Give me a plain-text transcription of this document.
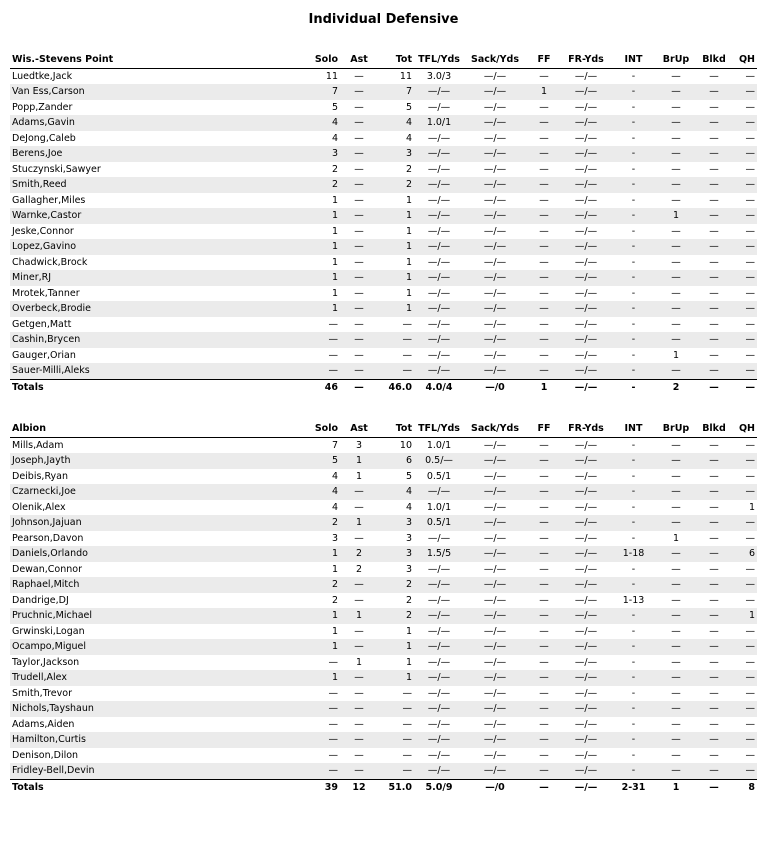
Individual Defensive
Wis.-Stevens Point	Solo	Ast	Tot	TFL/Yds	Sack/Yds	FF	FR-Yds	INT	BrUp	Blkd	QH
Luedtke,Jack	11	—	11	3.0/3	—/—	—	—/—	-	—	—	—
Van Ess,Carson	7	—	7	—/—	—/—	1	—/—	-	—	—	—
Popp,Zander	5	—	5	—/—	—/—	—	—/—	-	—	—	—
Adams,Gavin	4	—	4	1.0/1	—/—	—	—/—	-	—	—	—
DeJong,Caleb	4	—	4	—/—	—/—	—	—/—	-	—	—	—
Berens,Joe	3	—	3	—/—	—/—	—	—/—	-	—	—	—
Stuczynski,Sawyer	2	—	2	—/—	—/—	—	—/—	-	—	—	—
Smith,Reed	2	—	2	—/—	—/—	—	—/—	-	—	—	—
Gallagher,Miles	1	—	1	—/—	—/—	—	—/—	-	—	—	—
Warnke,Castor	1	—	1	—/—	—/—	—	—/—	-	1	—	—
Jeske,Connor	1	—	1	—/—	—/—	—	—/—	-	—	—	—
Lopez,Gavino	1	—	1	—/—	—/—	—	—/—	-	—	—	—
Chadwick,Brock	1	—	1	—/—	—/—	—	—/—	-	—	—	—
Miner,RJ	1	—	1	—/—	—/—	—	—/—	-	—	—	—
Mrotek,Tanner	1	—	1	—/—	—/—	—	—/—	-	—	—	—
Overbeck,Brodie	1	—	1	—/—	—/—	—	—/—	-	—	—	—
Getgen,Matt	—	—	—	—/—	—/—	—	—/—	-	—	—	—
Cashin,Brycen	—	—	—	—/—	—/—	—	—/—	-	—	—	—
Gauger,Orian	—	—	—	—/—	—/—	—	—/—	-	1	—	—
Sauer-Milli,Aleks	—	—	—	—/—	—/—	—	—/—	-	—	—	—
Totals	46	—	46.0	4.0/4	—/0	1	—/—	-	2	—	—
Albion	Solo	Ast	Tot	TFL/Yds	Sack/Yds	FF	FR-Yds	INT	BrUp	Blkd	QH
Mills,Adam	7	3	10	1.0/1	—/—	—	—/—	-	—	—	—
Joseph,Jayth	5	1	6	0.5/—	—/—	—	—/—	-	—	—	—
Deibis,Ryan	4	1	5	0.5/1	—/—	—	—/—	-	—	—	—
Czarnecki,Joe	4	—	4	—/—	—/—	—	—/—	-	—	—	—
Olenik,Alex	4	—	4	1.0/1	—/—	—	—/—	-	—	—	1
Johnson,Jajuan	2	1	3	0.5/1	—/—	—	—/—	-	—	—	—
Pearson,Davon	3	—	3	—/—	—/—	—	—/—	-	1	—	—
Daniels,Orlando	1	2	3	1.5/5	—/—	—	—/—	1-18	—	—	6
Dewan,Connor	1	2	3	—/—	—/—	—	—/—	-	—	—	—
Raphael,Mitch	2	—	2	—/—	—/—	—	—/—	-	—	—	—
Dandrige,DJ	2	—	2	—/—	—/—	—	—/—	1-13	—	—	—
Pruchnic,Michael	1	1	2	—/—	—/—	—	—/—	-	—	—	1
Grwinski,Logan	1	—	1	—/—	—/—	—	—/—	-	—	—	—
Ocampo,Miguel	1	—	1	—/—	—/—	—	—/—	-	—	—	—
Taylor,Jackson	—	1	1	—/—	—/—	—	—/—	-	—	—	—
Trudell,Alex	1	—	1	—/—	—/—	—	—/—	-	—	—	—
Smith,Trevor	—	—	—	—/—	—/—	—	—/—	-	—	—	—
Nichols,Tayshaun	—	—	—	—/—	—/—	—	—/—	-	—	—	—
Adams,Aiden	—	—	—	—/—	—/—	—	—/—	-	—	—	—
Hamilton,Curtis	—	—	—	—/—	—/—	—	—/—	-	—	—	—
Denison,Dilon	—	—	—	—/—	—/—	—	—/—	-	—	—	—
Fridley-Bell,Devin	—	—	—	—/—	—/—	—	—/—	-	—	—	—
Totals	39	12	51.0	5.0/9	—/0	—	—/—	2-31	1	—	8
